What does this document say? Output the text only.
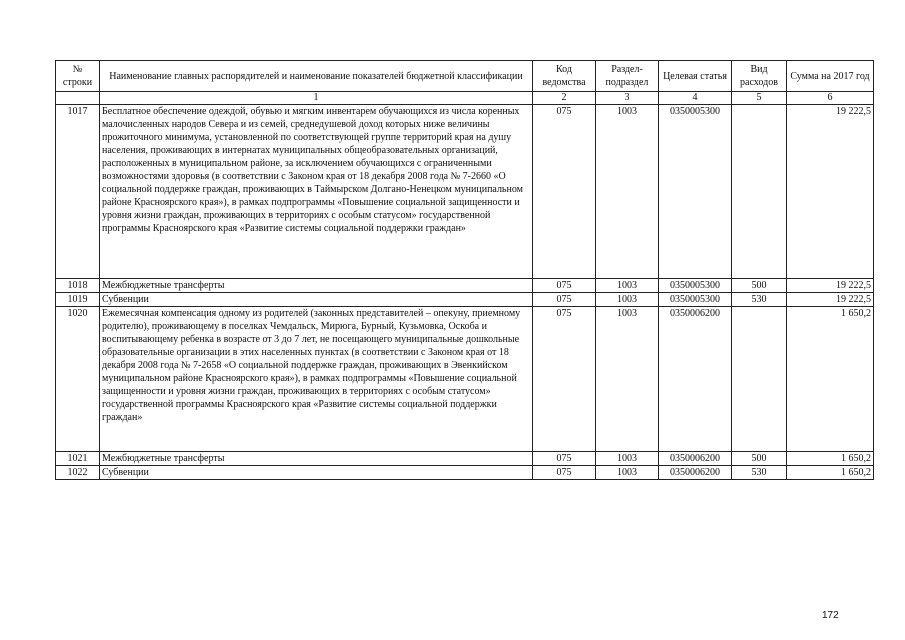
№ строки	Наименование главных распорядителей и наименование показателей бюджетной классификации	Код ведомства	Раздел-подраздел	Целевая статья	Вид расходов	Сумма на 2017 год
	1	2	3	4	5	6
1017	Бесплатное обеспечение одеждой, обувью и мягким инвентарем обучающихся из числа коренных малочисленных народов Севера и из семей, среднедушевой доход которых ниже величины прожиточного минимума, установленной по соответствующей группе территорий края на душу населения, проживающих в интернатах муниципальных общеобразовательных организаций, расположенных в муниципальном районе, за исключением обучающихся с ограниченными возможностями здоровья (в соответствии с Законом края от 18 декабря 2008 года № 7-2660 «О социальной поддержке граждан, проживающих в Таймырском Долгано-Ненецком муниципальном районе Красноярского края»), в рамках подпрограммы «Повышение социальной защищенности и уровня жизни граждан, проживающих в территориях с особым статусом» государственной программы Красноярского края «Развитие системы социальной поддержки граждан»	075	1003	0350005300		19 222,5
1018	Межбюджетные трансферты	075	1003	0350005300	500	19 222,5
1019	Субвенции	075	1003	0350005300	530	19 222,5
1020	Ежемесячная компенсация одному из родителей (законных представителей – опекуну, приемному родителю), проживающему в поселках Чемдальск, Мирюга, Бурный, Кузьмовка, Оскоба и воспитывающему ребенка в возрасте от 3 до 7 лет, не посещающего муниципальные дошкольные образовательные организации в этих населенных пунктах (в соответствии с Законом края от 18 декабря 2008 года № 7-2658 «О социальной поддержке граждан, проживающих в Эвенкийском муниципальном районе Красноярского края»), в рамках подпрограммы «Повышение социальной защищенности и уровня жизни граждан, проживающих в территориях с особым статусом» государственной программы Красноярского края «Развитие системы социальной поддержки граждан»	075	1003	0350006200		1 650,2
1021	Межбюджетные трансферты	075	1003	0350006200	500	1 650,2
1022	Субвенции	075	1003	0350006200	530	1 650,2
172
